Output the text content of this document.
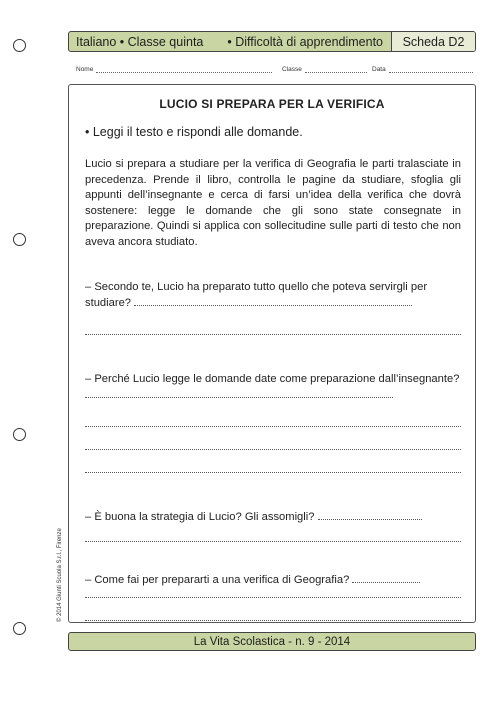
Italiano • Classe quinta	• Difficoltà di apprendimento	Scheda D2
Nome	Classe	Data
LUCIO SI PREPARA PER LA VERIFICA
• Leggi il testo e rispondi alle domande.
Lucio si prepara a studiare per la verifica di Geografia le parti tralasciate in precedenza. Prende il libro, controlla le pagine da studiare, sfoglia gli appunti dell’insegnante e cerca di farsi un’idea della verifica che dovrà sostenere: legge le domande che gli sono state consegnate in preparazione. Quindi si applica con sollecitudine sulle parti di testo che non aveva ancora studiato.
– Secondo te, Lucio ha preparato tutto quello che poteva servirgli per studiare?
– Perché Lucio legge le domande date come preparazione dall’insegnante?
– È buona la strategia di Lucio? Gli assomigli?
– Come fai per prepararti a una verifica di Geografia?
© 2014 Giunti Scuola S.r.l., Firenze
La Vita Scolastica - n. 9 - 2014
